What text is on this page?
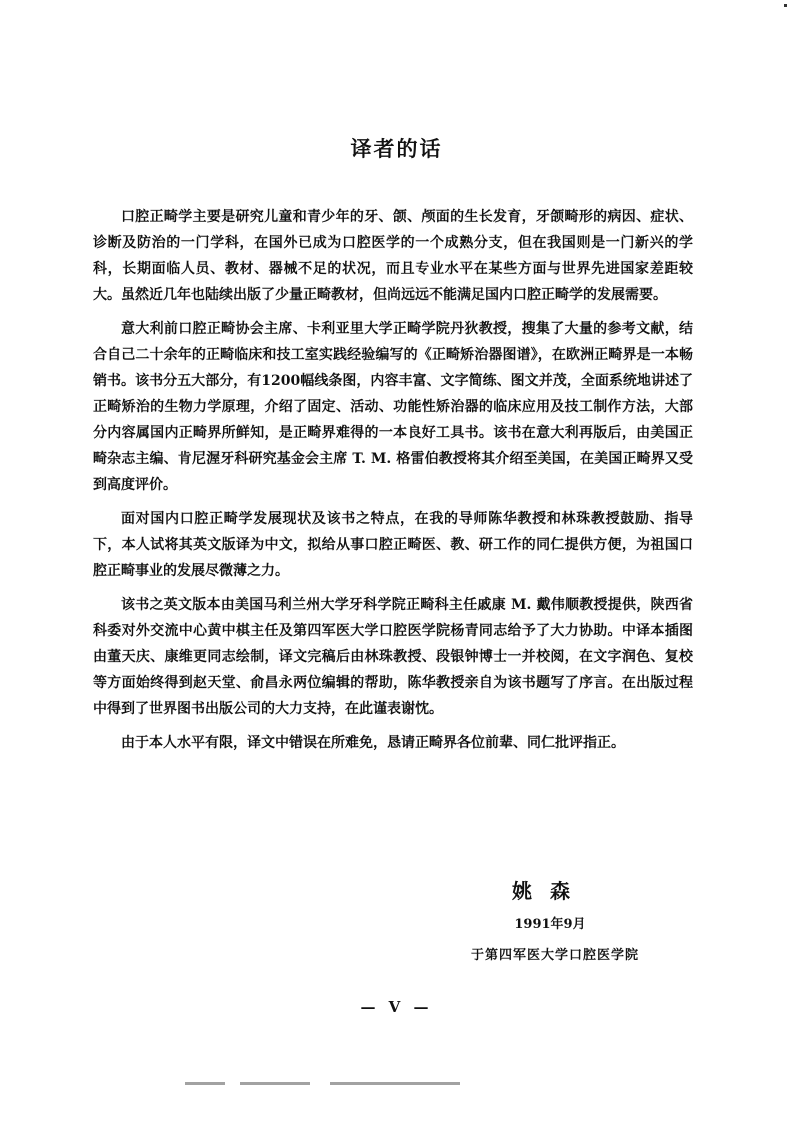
译者的话

口腔正畸学主要是研究儿童和青少年的牙、颌、颅面的生长发育，牙颌畸形的病因、症状、诊断及防治的一门学科，在国外已成为口腔医学的一个成熟分支，但在我国则是一门新兴的学科，长期面临人员、教材、器械不足的状况，而且专业水平在某些方面与世界先进国家差距较大。虽然近几年也陆续出版了少量正畸教材，但尚远远不能满足国内口腔正畸学的发展需要。

意大利前口腔正畸协会主席、卡利亚里大学正畸学院丹狄教授，搜集了大量的参考文献，结合自己二十余年的正畸临床和技工室实践经验编写的《正畸矫治器图谱》，在欧洲正畸界是一本畅销书。该书分五大部分，有1200幅线条图，内容丰富、文字简练、图文并茂，全面系统地讲述了正畸矫治的生物力学原理，介绍了固定、活动、功能性矫治器的临床应用及技工制作方法，大部分内容属国内正畸界所鲜知，是正畸界难得的一本良好工具书。该书在意大利再版后，由美国正畸杂志主编、肯尼渥牙科研究基金会主席 T. M. 格雷伯教授将其介绍至美国，在美国正畸界又受到高度评价。

面对国内口腔正畸学发展现状及该书之特点，在我的导师陈华教授和林珠教授鼓励、指导下，本人试将其英文版译为中文，拟给从事口腔正畸医、教、研工作的同仁提供方便，为祖国口腔正畸事业的发展尽微薄之力。

该书之英文版本由美国马利兰州大学牙科学院正畸科主任戚康 M. 戴伟顺教授提供，陕西省科委对外交流中心黄中棋主任及第四军医大学口腔医学院杨青同志给予了大力协助。中译本插图由董天庆、康维更同志绘制，译文完稿后由林珠教授、段银钟博士一并校阅，在文字润色、复校等方面始终得到赵天堂、俞昌永两位编辑的帮助，陈华教授亲自为该书题写了序言。在出版过程中得到了世界图书出版公司的大力支持，在此谨表谢忱。

由于本人水平有限，译文中错误在所难免，恳请正畸界各位前辈、同仁批评指正。

姚森
1991年9月
于第四军医大学口腔医学院
— V —
